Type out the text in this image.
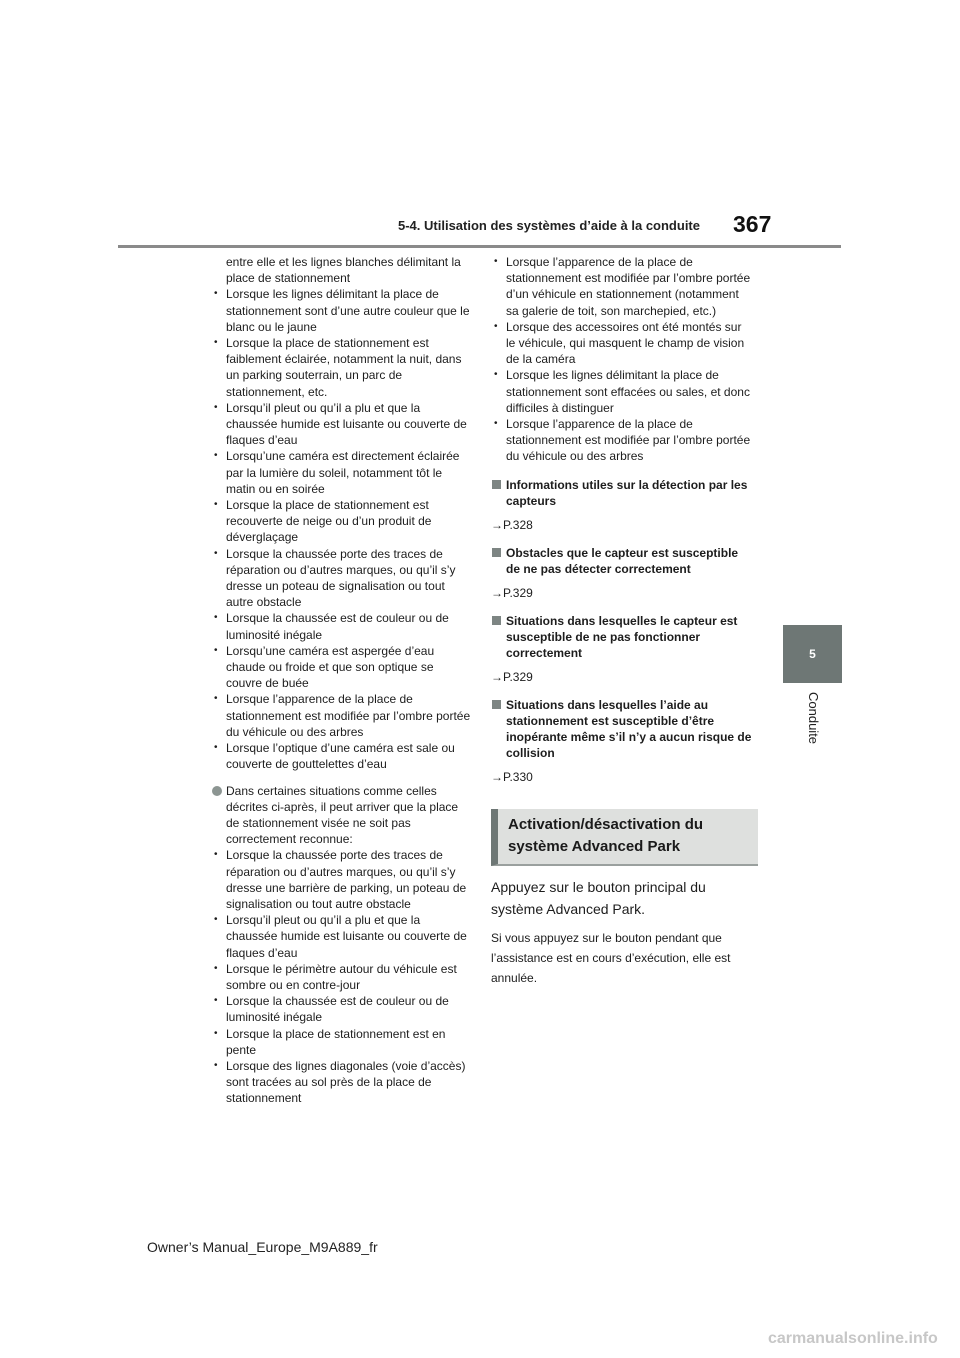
5-4. Utilisation des systèmes d’aide à la conduite 367
5
Conduite

entre elle et les lignes blanches délimitant la place de stationnement

• Lorsque les lignes délimitant la place de stationnement sont d’une autre couleur que le blanc ou le jaune
• Lorsque la place de stationnement est faiblement éclairée, notamment la nuit, dans un parking souterrain, un parc de stationnement, etc.
• Lorsqu’il pleut ou qu’il a plu et que la chaussée humide est luisante ou couverte de flaques d’eau
• Lorsqu’une caméra est directement éclairée par la lumière du soleil, notamment tôt le matin ou en soirée
• Lorsque la place de stationnement est recouverte de neige ou d’un produit de déverglaçage
• Lorsque la chaussée porte des traces de réparation ou d’autres marques, ou qu’il s’y dresse un poteau de signalisation ou tout autre obstacle
• Lorsque la chaussée est de couleur ou de luminosité inégale
• Lorsqu’une caméra est aspergée d’eau chaude ou froide et que son optique se couvre de buée
• Lorsque l’apparence de la place de stationnement est modifiée par l’ombre portée du véhicule ou des arbres
• Lorsque l’optique d’une caméra est sale ou couverte de gouttelettes d’eau
Dans certaines situations comme celles décrites ci-après, il peut arriver que la place de stationnement visée ne soit pas correctement reconnue:
• Lorsque la chaussée porte des traces de réparation ou d’autres marques, ou qu’il s’y dresse une barrière de parking, un poteau de signalisation ou tout autre obstacle
• Lorsqu’il pleut ou qu’il a plu et que la chaussée humide est luisante ou couverte de flaques d’eau
• Lorsque le périmètre autour du véhicule est sombre ou en contre-jour
• Lorsque la chaussée est de couleur ou de luminosité inégale
• Lorsque la place de stationnement est en pente
• Lorsque des lignes diagonales (voie d’accès) sont tracées au sol près de la place de stationnement
• Lorsque l’apparence de la place de stationnement est modifiée par l’ombre portée d’un véhicule en stationnement (notamment sa galerie de toit, son marchepied, etc.)
• Lorsque des accessoires ont été montés sur le véhicule, qui masquent le champ de vision de la caméra
• Lorsque les lignes délimitant la place de stationnement sont effacées ou sales, et donc difficiles à distinguer
• Lorsque l’apparence de la place de stationnement est modifiée par l’ombre portée du véhicule ou des arbres
Informations utiles sur la détection par les capteurs
→P.328
Obstacles que le capteur est susceptible de ne pas détecter correctement
→P.329
Situations dans lesquelles le capteur est susceptible de ne pas fonctionner correctement
→P.329
Situations dans lesquelles l’aide au stationnement est susceptible d’être inopérante même s’il n’y a aucun risque de collision
→P.330
Activation/désactivation du système Advanced Park
Appuyez sur le bouton principal du système Advanced Park.
Si vous appuyez sur le bouton pendant que l’assistance est en cours d’exécution, elle est annulée.
Owner’s Manual_Europe_M9A889_fr
carmanualsonline.info
